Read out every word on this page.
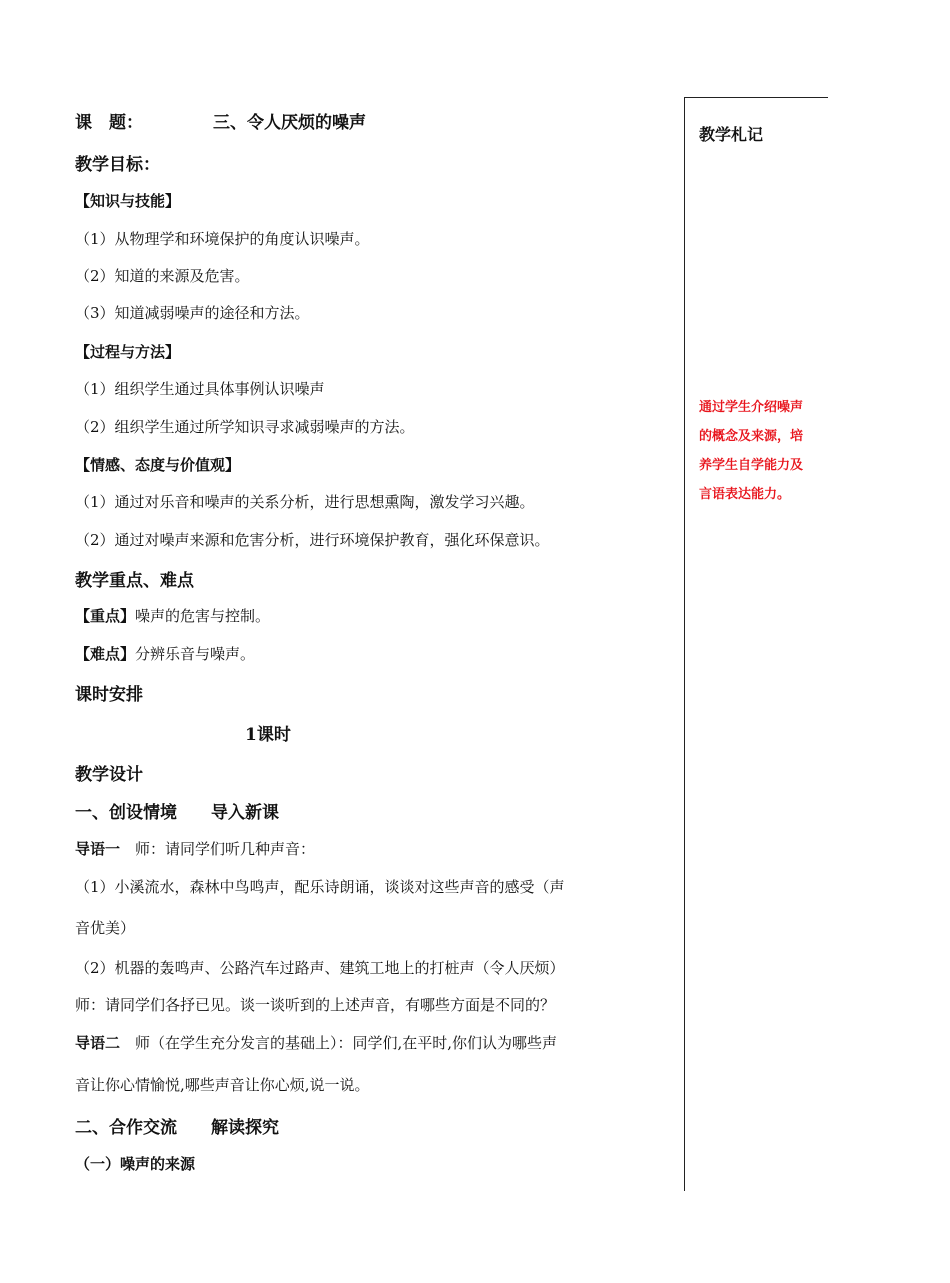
课　题：	三、令人厌烦的噪声
教学目标：
【知识与技能】
（1）从物理学和环境保护的角度认识噪声。
（2）知道的来源及危害。
（3）知道减弱噪声的途径和方法。
【过程与方法】
（1）组织学生通过具体事例认识噪声
（2）组织学生通过所学知识寻求减弱噪声的方法。
【情感、态度与价值观】
（1）通过对乐音和噪声的关系分析，进行思想熏陶，激发学习兴趣。
（2）通过对噪声来源和危害分析，进行环境保护教育，强化环保意识。
教学重点、难点
【重点】噪声的危害与控制。
【难点】分辨乐音与噪声。
课时安排
1课时
教学设计
一、创设情境　　导入新课
导语一　师：请同学们听几种声音：
（1）小溪流水，森林中鸟鸣声，配乐诗朗诵，谈谈对这些声音的感受（声
音优美）
（2）机器的轰鸣声、公路汽车过路声、建筑工地上的打桩声（令人厌烦）
师：请同学们各抒已见。谈一谈听到的上述声音，有哪些方面是不同的？
导语二　师（在学生充分发言的基础上）：同学们,在平时,你们认为哪些声
音让你心情愉悦,哪些声音让你心烦,说一说。
二、合作交流　　解读探究
（一）噪声的来源
教学札记
通过学生介绍噪声
的概念及来源，培
养学生自学能力及
言语表达能力。
